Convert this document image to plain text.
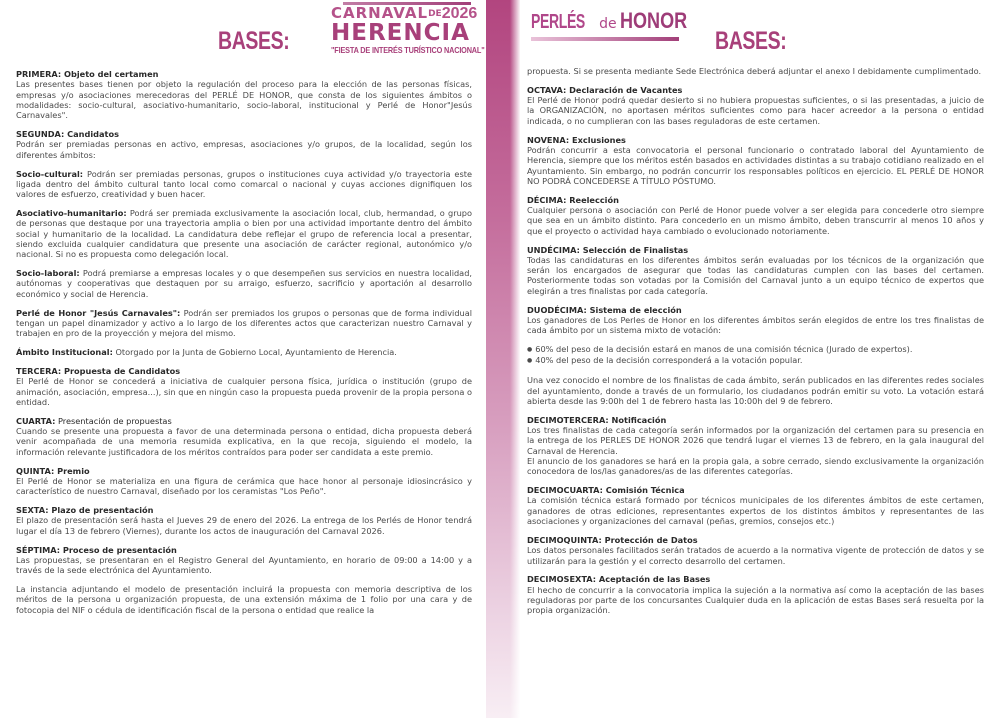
BASES:
CARNAVALDE2026
HERENCIA
"FIESTA DE INTERÉS TURÍSTICO NACIONAL"
PERLÉS de HONOR
BASES:
PRIMERA: Objeto del certamen
Las presentes bases tienen por objeto la regulación del proceso para la elección de las personas físicas, empresas y/o asociaciones merecedoras del PERLÉ DE HONOR, que consta de los siguientes ámbitos o modalidades: socio-cultural, asociativo-humanitario, socio-laboral, institucional y Perlé de Honor"Jesús Carnavales".
SEGUNDA: Candidatos
Podrán ser premiadas personas en activo, empresas, asociaciones y/o grupos, de la localidad, según los diferentes ámbitos:
Socio-cultural: Podrán ser premiadas personas, grupos o instituciones cuya actividad y/o trayectoria este ligada dentro del ámbito cultural tanto local como comarcal o nacional y cuyas acciones dignifiquen los valores de esfuerzo, creatividad y buen hacer.
Asociativo-humanitario: Podrá ser premiada exclusivamente la asociación local, club, hermandad, o grupo de personas que destaque por una trayectoria amplia o bien por una actividad importante dentro del ámbito social y humanitario de la localidad. La candidatura debe reflejar el grupo de referencia local a presentar, siendo excluida cualquier candidatura que presente una asociación de carácter regional, autonómico y/o nacional. Si no es propuesta como delegación local.
Socio-laboral: Podrá premiarse a empresas locales y o que desempeñen sus servicios en nuestra localidad, autónomas y cooperativas que destaquen por su arraigo, esfuerzo, sacrificio y aportación al desarrollo económico y social de Herencia.
Perlé de Honor "Jesús Carnavales": Podrán ser premiados los grupos o personas que de forma individual tengan un papel dinamizador y activo a lo largo de los diferentes actos que caracterizan nuestro Carnaval y trabajen en pro de la proyección y mejora del mismo.
Ámbito Institucional: Otorgado por la Junta de Gobierno Local, Ayuntamiento de Herencia.
TERCERA: Propuesta de Candidatos
El Perlé de Honor se concederá a iniciativa de cualquier persona física, jurídica o institución (grupo de animación, asociación, empresa...), sin que en ningún caso la propuesta pueda provenir de la propia persona o entidad.
CUARTA: Presentación de propuestas
Cuando se presente una propuesta a favor de una determinada persona o entidad, dicha propuesta deberá venir acompañada de una memoria resumida explicativa, en la que recoja, siguiendo el modelo, la información relevante justificadora de los méritos contraídos para poder ser candidata a este premio.
QUINTA: Premio
El Perlé de Honor se materializa en una figura de cerámica que hace honor al personaje idiosincrásico y característico de nuestro Carnaval, diseñado por los ceramistas "Los Peño".
SEXTA: Plazo de presentación
El plazo de presentación será hasta el Jueves 29 de enero del 2026. La entrega de los Perlés de Honor tendrá lugar el día 13 de febrero (Viernes), durante los actos de inauguración del Carnaval 2026.
SÉPTIMA: Proceso de presentación
Las propuestas, se presentaran en el Registro General del Ayuntamiento, en horario de 09:00 a 14:00 y a través de la sede electrónica del Ayuntamiento.
La instancia adjuntando el modelo de presentación incluirá la propuesta con memoria descriptiva de los méritos de la persona u organización propuesta, de una extensión máxima de 1 folio por una cara y de fotocopia del NIF o cédula de identificación fiscal de la persona o entidad que realice la
propuesta. Si se presenta mediante Sede Electrónica deberá adjuntar el anexo I debidamente cumplimentado.
OCTAVA: Declaración de Vacantes
El Perlé de Honor podrá quedar desierto si no hubiera propuestas suficientes, o si las presentadas, a juicio de la ORGANIZACIÓN, no aportasen méritos suficientes como para hacer acreedor a la persona o entidad indicada, o no cumplieran con las bases reguladoras de este certamen.
NOVENA: Exclusiones
Podrán concurrir a esta convocatoria el personal funcionario o contratado laboral del Ayuntamiento de Herencia, siempre que los méritos estén basados en actividades distintas a su trabajo cotidiano realizado en el Ayuntamiento. Sin embargo, no podrán concurrir los responsables políticos en ejercicio. EL PERLÉ DE HONOR NO PODRÁ CONCEDERSE A TÍTULO PÓSTUMO.
DÉCIMA: Reelección
Cualquier persona o asociación con Perlé de Honor puede volver a ser elegida para concederle otro siempre que sea en un ámbito distinto. Para concederlo en un mismo ámbito, deben transcurrir al menos 10 años y que el proyecto o actividad haya cambiado o evolucionado notoriamente.
UNDÉCIMA: Selección de Finalistas
Todas las candidaturas en los diferentes ámbitos serán evaluadas por los técnicos de la organización que serán los encargados de asegurar que todas las candidaturas cumplen con las bases del certamen. Posteriormente todas son votadas por la Comisión del Carnaval junto a un equipo técnico de expertos que elegirán a tres finalistas por cada categoría.
DUODÉCIMA: Sistema de elección
Los ganadores de Los Perles de Honor en los diferentes ámbitos serán elegidos de entre los tres finalistas de cada ámbito por un sistema mixto de votación:
● 60% del peso de la decisión estará en manos de una comisión técnica (Jurado de expertos).
● 40% del peso de la decisión corresponderá a la votación popular.
Una vez conocido el nombre de los finalistas de cada ámbito, serán publicados en las diferentes redes sociales del ayuntamiento, donde a través de un formulario, los ciudadanos podrán emitir su voto. La votación estará abierta desde las 9:00h del 1 de febrero hasta las 10:00h del 9 de febrero.
DECIMOTERCERA: Notificación
Los tres finalistas de cada categoría serán informados por la organización del certamen para su presencia en la entrega de los PERLES DE HONOR 2026 que tendrá lugar el viernes 13 de febrero, en la gala inaugural del Carnaval de Herencia.
El anuncio de los ganadores se hará en la propia gala, a sobre cerrado, siendo exclusivamente la organización conocedora de los/las ganadores/as de las diferentes categorías.
DECIMOCUARTA: Comisión Técnica
La comisión técnica estará formado por técnicos municipales de los diferentes ámbitos de este certamen, ganadores de otras ediciones, representantes expertos de los distintos ámbitos y representantes de las asociaciones y organizaciones del carnaval (peñas, gremios, consejos etc.)
DECIMOQUINTA: Protección de Datos
Los datos personales facilitados serán tratados de acuerdo a la normativa vigente de protección de datos y se utilizarán para la gestión y el correcto desarrollo del certamen.
DECIMOSEXTA: Aceptación de las Bases
El hecho de concurrir a la convocatoria implica la sujeción a la normativa así como la aceptación de las bases reguladoras por parte de los concursantes Cualquier duda en la aplicación de estas Bases será resuelta por la propia organización.
